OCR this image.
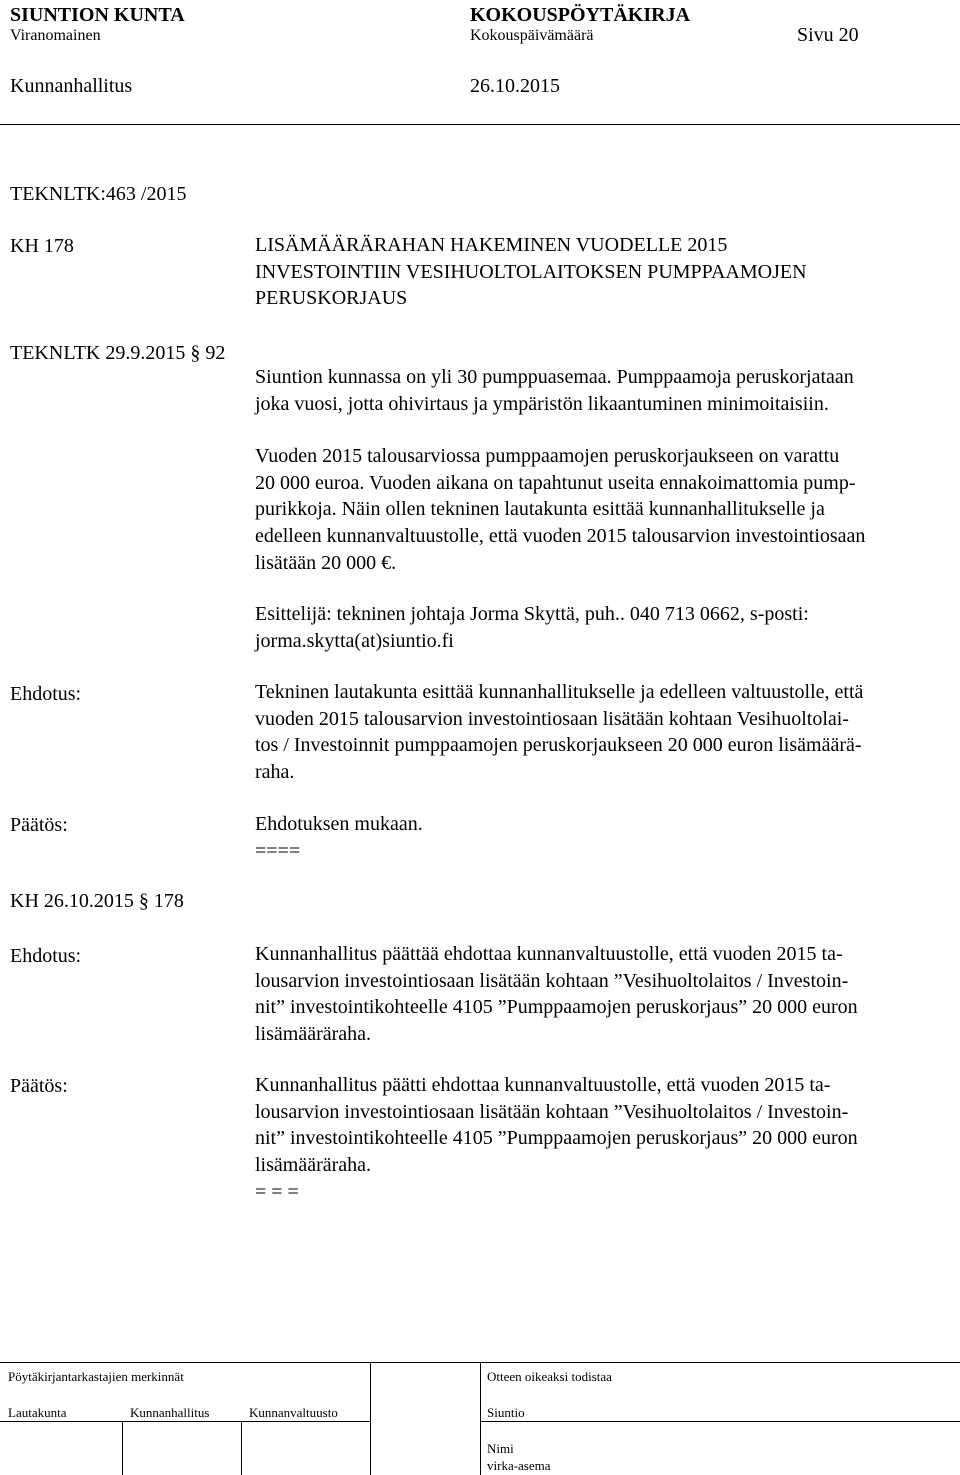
SIUNTION KUNTA	KOKOUSPÖYTÄKIRJA
Viranomainen	Kokouspäivämäärä	Sivu 20
Kunnanhallitus	26.10.2015
TEKNLTK:463 /2015
KH 178	LISÄMÄÄRÄRAHAN HAKEMINEN VUODELLE 2015
INVESTOINTIIN VESIHUOLTOLAITOKSEN PUMPPAAMOJEN
PERUSKORJAUS
TEKNLTK 29.9.2015 § 92
Siuntion kunnassa on yli 30 pumppuasemaa. Pumppaamoja peruskorjataan
joka vuosi, jotta ohivirtaus ja ympäristön likaantuminen minimoitaisiin.
Vuoden 2015 talousarviossa pumppaamojen peruskorjaukseen on varattu
20 000 euroa. Vuoden aikana on tapahtunut useita ennakoimattomia pump-
purikkoja. Näin ollen tekninen lautakunta esittää kunnanhallitukselle ja
edelleen kunnanvaltuustolle, että vuoden 2015 talousarvion investointiosaan
lisätään 20 000 €.
Esittelijä: tekninen johtaja Jorma Skyttä, puh.. 040 713 0662, s-posti:
jorma.skytta(at)siuntio.fi
Ehdotus:	Tekninen lautakunta esittää kunnanhallitukselle ja edelleen valtuustolle, että
vuoden 2015 talousarvion investointiosaan lisätään kohtaan Vesihuoltolai-
tos / Investoinnit pumppaamojen peruskorjaukseen 20 000 euron lisämäärä-
raha.
Päätös:	Ehdotuksen mukaan.
====
KH 26.10.2015 § 178
Ehdotus:	Kunnanhallitus päättää ehdottaa kunnanvaltuustolle, että vuoden 2015 ta-
lousarvion investointiosaan lisätään kohtaan ”Vesihuoltolaitos / Investoin-
nit” investointikohteelle 4105 ”Pumppaamojen peruskorjaus” 20 000 euron
lisämääräraha.
Päätös:	Kunnanhallitus päätti ehdottaa kunnanvaltuustolle, että vuoden 2015 ta-
lousarvion investointiosaan lisätään kohtaan ”Vesihuoltolaitos / Investoin-
nit” investointikohteelle 4105 ”Pumppaamojen peruskorjaus” 20 000 euron
lisämääräraha.
= = =
Pöytäkirjantarkastajien merkinnät	Otteen oikeaksi todistaa
Lautakunta	Kunnanhallitus	Kunnanvaltuusto	Siuntio
Nimi
virka-asema
